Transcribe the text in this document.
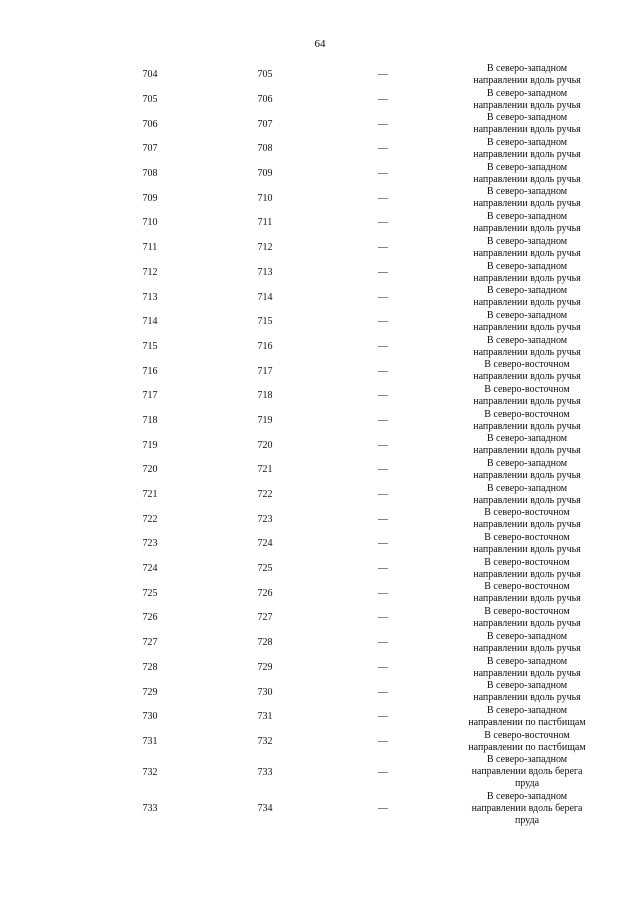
64
704	705	—
В северо-западном
направлении вдоль ручья
705	706	—
В северо-западном
направлении вдоль ручья
706	707	—
В северо-западном
направлении вдоль ручья
707	708	—
В северо-западном
направлении вдоль ручья
708	709	—
В северо-западном
направлении вдоль ручья
709	710	—
В северо-западном
направлении вдоль ручья
710	711	—
В северо-западном
направлении вдоль ручья
711	712	—
В северо-западном
направлении вдоль ручья
712	713	—
В северо-западном
направлении вдоль ручья
713	714	—
В северо-западном
направлении вдоль ручья
714	715	—
В северо-западном
направлении вдоль ручья
715	716	—
В северо-западном
направлении вдоль ручья
716	717	—
В северо-восточном
направлении вдоль ручья
717	718	—
В северо-восточном
направлении вдоль ручья
718	719	—
В северо-восточном
направлении вдоль ручья
719	720	—
В северо-западном
направлении вдоль ручья
720	721	—
В северо-западном
направлении вдоль ручья
721	722	—
В северо-западном
направлении вдоль ручья
722	723	—
В северо-восточном
направлении вдоль ручья
723	724	—
В северо-восточном
направлении вдоль ручья
724	725	—
В северо-восточном
направлении вдоль ручья
725	726	—
В северо-восточном
направлении вдоль ручья
726	727	—
В северо-восточном
направлении вдоль ручья
727	728	—
В северо-западном
направлении вдоль ручья
728	729	—
В северо-западном
направлении вдоль ручья
729	730	—
В северо-западном
направлении вдоль ручья
730	731	—
В северо-западном
направлении по пастбищам
731	732	—
В северо-восточном
направлении по пастбищам
732	733	—
В северо-западном
направлении вдоль берега
пруда
733	734	—
В северо-западном
направлении вдоль берега
пруда
